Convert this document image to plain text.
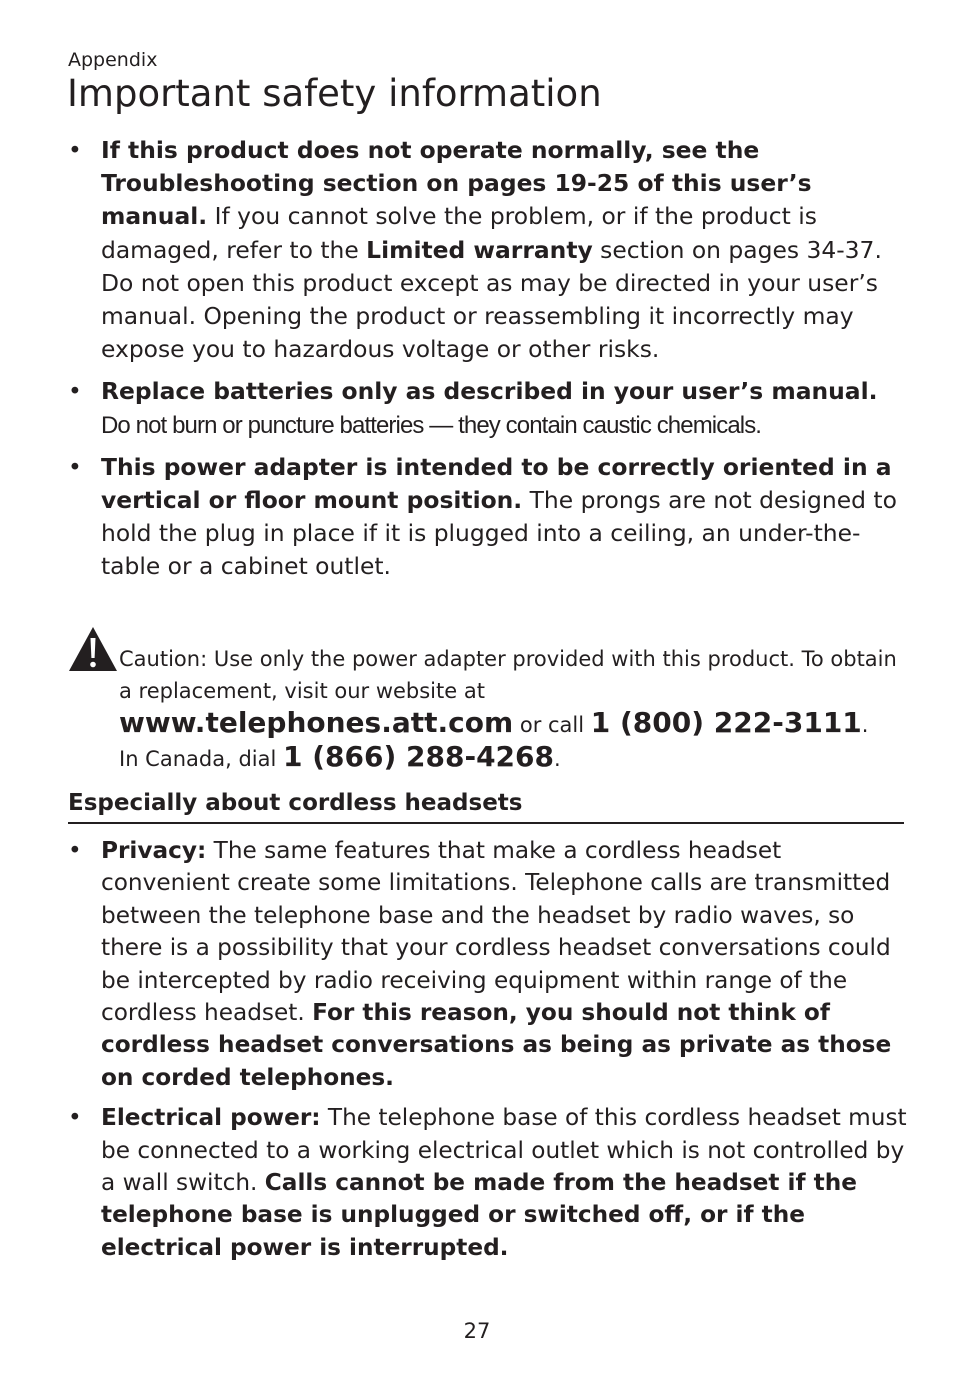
Appendix
Important safety information
• If this product does not operate normally, see the Troubleshooting section on pages 19-25 of this user’s manual. If you cannot solve the problem, or if the product is damaged, refer to the Limited warranty section on pages 34-37. Do not open this product except as may be directed in your user’s manual. Opening the product or reassembling it incorrectly may expose you to hazardous voltage or other risks.
• Replace batteries only as described in your user’s manual.
Do not burn or puncture batteries — they contain caustic chemicals.
• This power adapter is intended to be correctly oriented in a vertical or floor mount position. The prongs are not designed to hold the plug in place if it is plugged into a ceiling, an under-the-table or a cabinet outlet.
Caution: Use only the power adapter provided with this product. To obtain a replacement, visit our website at
www.telephones.att.com or call 1 (800) 222-3111.
In Canada, dial 1 (866) 288-4268.
Especially about cordless headsets
• Privacy: The same features that make a cordless headset convenient create some limitations. Telephone calls are transmitted between the telephone base and the headset by radio waves, so there is a possibility that your cordless headset conversations could be intercepted by radio receiving equipment within range of the cordless headset. For this reason, you should not think of cordless headset conversations as being as private as those on corded telephones.
• Electrical power: The telephone base of this cordless headset must be connected to a working electrical outlet which is not controlled by a wall switch. Calls cannot be made from the headset if the telephone base is unplugged or switched off, or if the electrical power is interrupted.
27
